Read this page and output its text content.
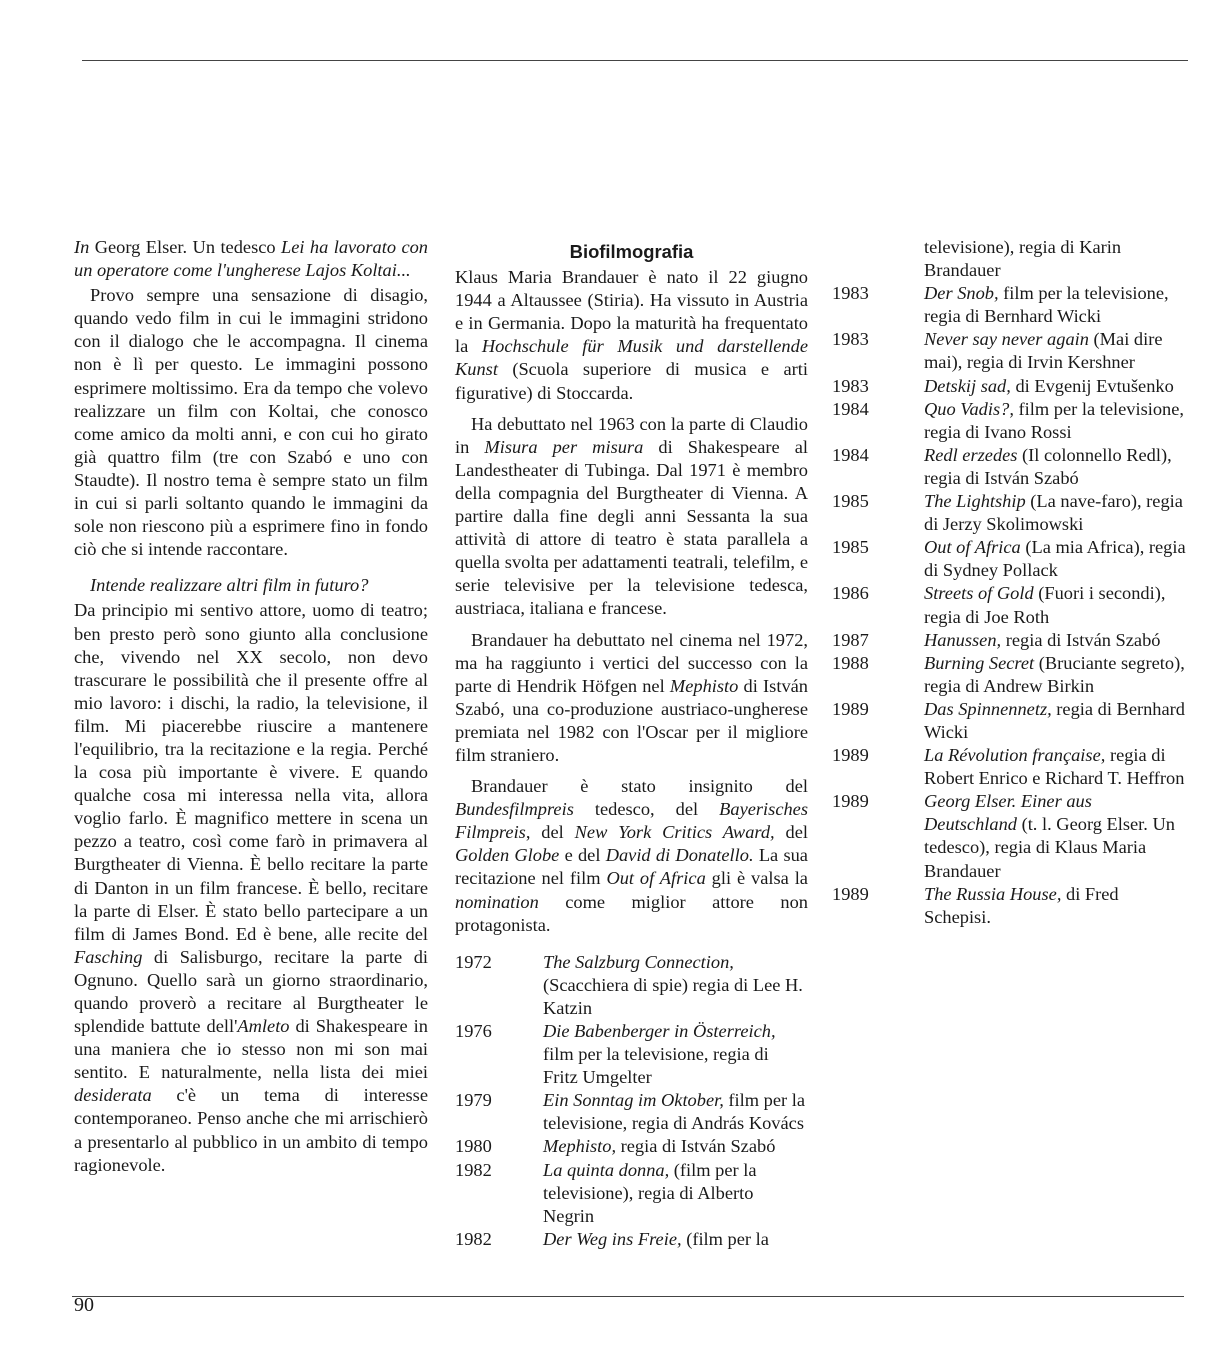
In Georg Elser. Un tedesco Lei ha lavorato con un operatore come l'ungherese Lajos Koltai...

Provo sempre una sensazione di disagio, quando vedo film in cui le immagini stridono con il dialogo che le accompagna. Il cinema non è lì per questo. Le immagini possono esprimere moltissimo. Era da tempo che volevo realizzare un film con Koltai, che conosco come amico da molti anni, e con cui ho girato già quattro film (tre con Szabó e uno con Staudte). Il nostro tema è sempre stato un film in cui si parli soltanto quando le immagini da sole non riescono più a esprimere fino in fondo ciò che si intende raccontare.

Intende realizzare altri film in futuro?

Da principio mi sentivo attore, uomo di teatro; ben presto però sono giunto alla conclusione che, vivendo nel XX secolo, non devo trascurare le possibilità che il presente offre al mio lavoro: i dischi, la radio, la televisione, il film. Mi piacerebbe riuscire a mantenere l'equilibrio, tra la recitazione e la regia. Perché la cosa più importante è vivere. E quando qualche cosa mi interessa nella vita, allora voglio farlo. È magnifico mettere in scena un pezzo a teatro, così come farò in primavera al Burgtheater di Vienna. È bello recitare la parte di Danton in un film francese. È bello, recitare la parte di Elser. È stato bello partecipare a un film di James Bond. Ed è bene, alle recite del Fasching di Salisburgo, recitare la parte di Ognuno. Quello sarà un giorno straordinario, quando proverò a recitare al Burgtheater le splendide battute dell'Amleto di Shakespeare in una maniera che io stesso non mi son mai sentito. E naturalmente, nella lista dei miei desiderata c'è un tema di interesse contemporaneo. Penso anche che mi arrischierò a presentarlo al pubblico in un ambito di tempo ragionevole.

Biofilmografia

Klaus Maria Brandauer è nato il 22 giugno 1944 a Altaussee (Stiria). Ha vissuto in Austria e in Germania. Dopo la maturità ha frequentato la Hochschule für Musik und darstellende Kunst (Scuola superiore di musica e arti figurative) di Stoccarda.

Ha debuttato nel 1963 con la parte di Claudio in Misura per misura di Shakespeare al Landestheater di Tubinga. Dal 1971 è membro della compagnia del Burgtheater di Vienna. A partire dalla fine degli anni Sessanta la sua attività di attore di teatro è stata parallela a quella svolta per adattamenti teatrali, telefilm, e serie televisive per la televisione tedesca, austriaca, italiana e francese.

Brandauer ha debuttato nel cinema nel 1972, ma ha raggiunto i vertici del successo con la parte di Hendrik Höfgen nel Mephisto di István Szabó, una co-produzione austriaco-ungherese premiata nel 1982 con l'Oscar per il migliore film straniero.

Brandauer è stato insignito del Bundesfilmpreis tedesco, del Bayerisches Filmpreis, del New York Critics Award, del Golden Globe e del David di Donatello. La sua recitazione nel film Out of Africa gli è valsa la nomination come miglior attore non protagonista.

1972	The Salzburg Connection, (Scacchiera di spie) regia di Lee H. Katzin
1976	Die Babenberger in Österreich, film per la televisione, regia di Fritz Umgelter
1979	Ein Sonntag im Oktober, film per la televisione, regia di András Kovács
1980	Mephisto, regia di István Szabó
1982	La quinta donna, (film per la televisione), regia di Alberto Negrin
1982	Der Weg ins Freie, (film per la
televisione), regia di Karin Brandauer
1983	Der Snob, film per la televisione, regia di Bernhard Wicki
1983	Never say never again (Mai dire mai), regia di Irvin Kershner
1983	Detskij sad, di Evgenij Evtušenko
1984	Quo Vadis?, film per la televisione, regia di Ivano Rossi
1984	Redl erzedes (Il colonnello Redl), regia di István Szabó
1985	The Lightship (La nave-faro), regia di Jerzy Skolimowski
1985	Out of Africa (La mia Africa), regia di Sydney Pollack
1986	Streets of Gold (Fuori i secondi), regia di Joe Roth
1987	Hanussen, regia di István Szabó
1988	Burning Secret (Bruciante segreto), regia di Andrew Birkin
1989	Das Spinnennetz, regia di Bernhard Wicki
1989	La Révolution française, regia di Robert Enrico e Richard T. Heffron
1989	Georg Elser. Einer aus Deutschland (t. l. Georg Elser. Un tedesco), regia di Klaus Maria Brandauer
1989	The Russia House, di Fred Schepisi.
90
